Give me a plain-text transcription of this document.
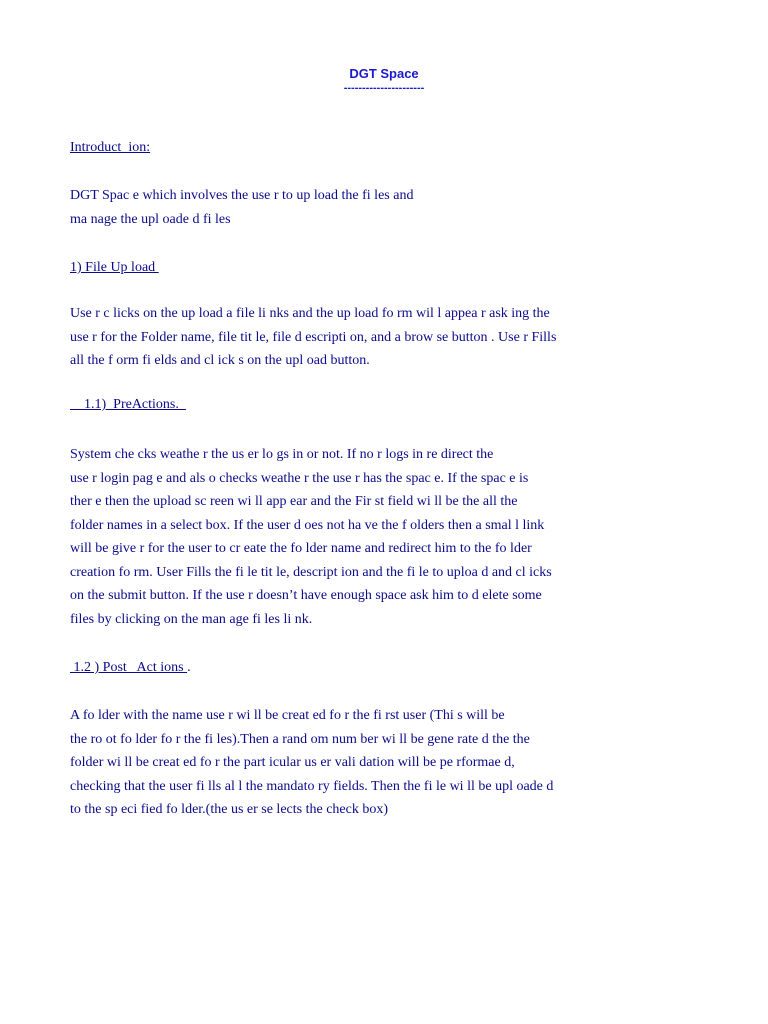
DGT Space
----------------------
Introduct  ion:
DGT Spac e which involves the use r to up load the fi les and
ma nage the upl oade d fi les
1) File Up load
Use r c licks on the up load a file li nks and the up load fo rm wil l appea r ask ing the
use r for the Folder name, file tit le, file d escripti on, and a brow se button . Use r Fills
all the f orm fi elds and cl ick s on the upl oad button.
1.1)  PreActions.
System che cks weathe r the us er lo gs in or not. If no r logs in re direct the
use r login pag e and als o checks weathe r the use r has the spac e. If the spac e is
ther e then the upload sc reen wi ll app ear and the Fir st field wi ll be the all the
folder names in a select box. If the user d oes not ha ve the f olders then a smal l link
will be give r for the user to cr eate the fo lder name and redirect him to the fo lder
creation fo rm. User Fills the fi le tit le, descript ion and the fi le to uploa d and cl icks
on the submit button. If the use r doesn’t have enough space ask him to d elete some
files by clicking on the man age fi les li nk.
1.2 ) Post   Act ions .
A fo lder with the name use r wi ll be creat ed fo r the fi rst user (Thi s will be
the ro ot fo lder fo r the fi les).Then a rand om num ber wi ll be gene rate d the the
folder wi ll be creat ed fo r the part icular us er vali dation will be pe rformae d,
checking that the user fi lls al l the mandato ry fields. Then the fi le wi ll be upl oade d
to the sp eci fied fo lder.(the us er se lects the check box)
